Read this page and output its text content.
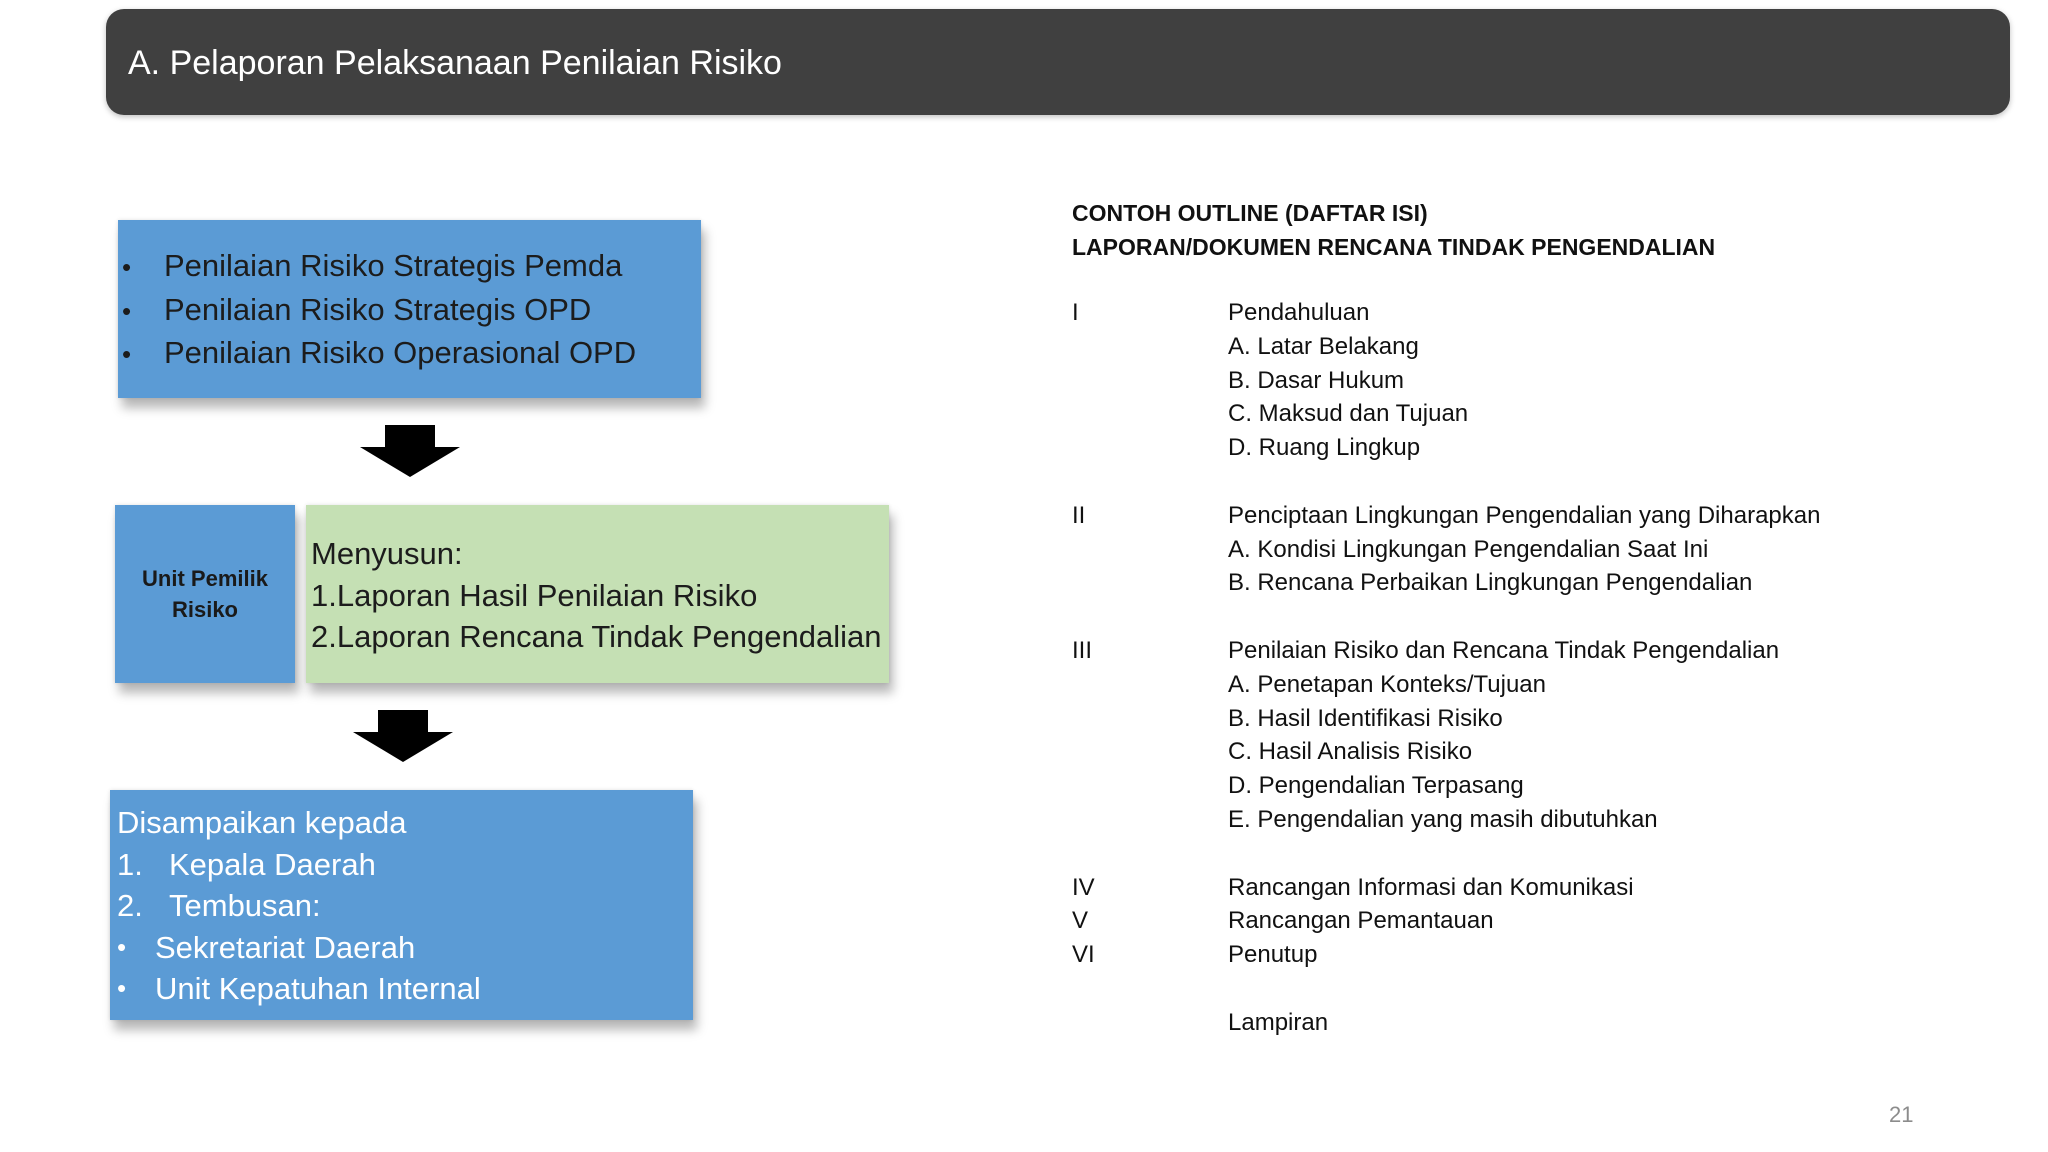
A. Pelaporan Pelaksanaan Penilaian Risiko
•	Penilaian Risiko Strategis Pemda
•	Penilaian Risiko Strategis OPD
•	Penilaian Risiko Operasional OPD
Unit Pemilik
Risiko
Menyusun:
1.Laporan Hasil Penilaian Risiko
2.Laporan Rencana Tindak Pengendalian
Disampaikan kepada
1. Kepala Daerah
2. Tembusan:
• Sekretariat Daerah
• Unit Kepatuhan Internal
CONTOH OUTLINE (DAFTAR ISI)
LAPORAN/DOKUMEN RENCANA TINDAK PENGENDALIAN
I	Pendahuluan
A. Latar Belakang
B. Dasar Hukum
C. Maksud dan Tujuan
D. Ruang Lingkup
II	Penciptaan Lingkungan Pengendalian yang Diharapkan
A. Kondisi Lingkungan Pengendalian Saat Ini
B. Rencana Perbaikan Lingkungan Pengendalian
III	Penilaian Risiko dan Rencana Tindak Pengendalian
A. Penetapan Konteks/Tujuan
B. Hasil Identifikasi Risiko
C. Hasil Analisis Risiko
D. Pengendalian Terpasang
E. Pengendalian yang masih dibutuhkan
IV	Rancangan Informasi dan Komunikasi
V	Rancangan Pemantauan
VI	Penutup
Lampiran
21
